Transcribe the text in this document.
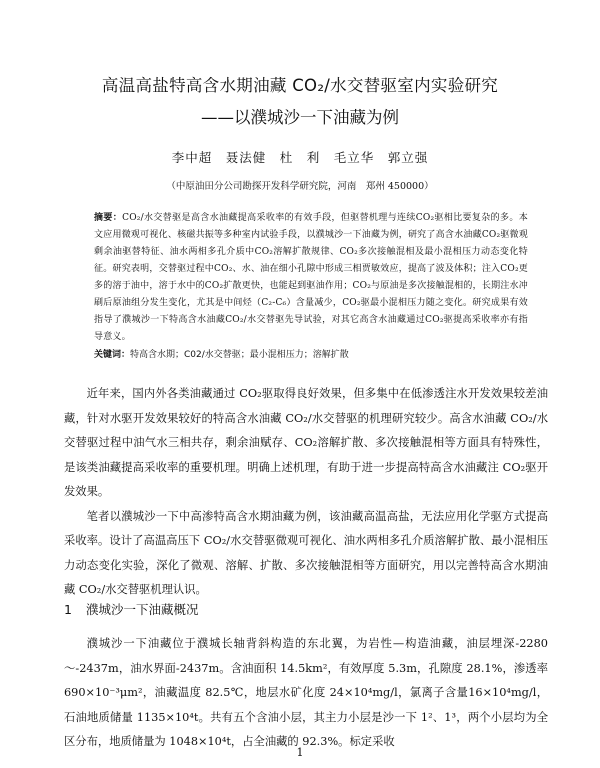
高温高盐特高含水期油藏 CO₂/水交替驱室内实验研究
——以濮城沙一下油藏为例
李中超　聂法健　杜　利　毛立华　郭立强
（中原油田分公司勘探开发科学研究院，河南　郑州 450000）
摘要：CO₂/水交替驱是高含水油藏提高采收率的有效手段，但驱替机理与连续CO₂驱相比要复杂的多。本文应用微观可视化、核磁共振等多种室内试验手段，以濮城沙一下油藏为例，研究了高含水油藏CO₂驱微观剩余油驱替特征、油水两相多孔介质中CO₂溶解扩散规律、CO₂多次接触混相及最小混相压力动态变化特征。研究表明，交替驱过程中CO₂、水、油在细小孔隙中形成三相贾敏效应，提高了波及体积；注入CO₂更多的溶于油中，溶于水中的CO₂扩散更快，也能起到驱油作用；CO₂与原油是多次接触混相的，长期注水冲刷后原油组分发生变化，尤其是中间烃（C₂-C₆）含量减少，CO₂驱最小混相压力随之变化。研究成果有效指导了濮城沙一下特高含水油藏CO₂/水交替驱先导试验，对其它高含水油藏通过CO₂驱提高采收率亦有指导意义。
关键词：特高含水期；C02/水交替驱；最小混相压力；溶解扩散

近年来，国内外各类油藏通过 CO₂驱取得良好效果，但多集中在低渗透注水开发效果较差油藏，针对水驱开发效果较好的特高含水油藏 CO₂/水交替驱的机理研究较少。高含水油藏 CO₂/水交替驱过程中油气水三相共存，剩余油赋存、CO₂溶解扩散、多次接触混相等方面具有特殊性，是该类油藏提高采收率的重要机理。明确上述机理，有助于进一步提高特高含水油藏注 CO₂驱开发效果。

笔者以濮城沙一下中高渗特高含水期油藏为例，该油藏高温高盐，无法应用化学驱方式提高采收率。设计了高温高压下 CO₂/水交替驱微观可视化、油水两相多孔介质溶解扩散、最小混相压力动态变化实验，深化了微观、溶解、扩散、多次接触混相等方面研究，用以完善特高含水期油藏 CO₂/水交替驱机理认识。

1 濮城沙一下油藏概况

濮城沙一下油藏位于濮城长轴背斜构造的东北翼，为岩性—构造油藏，油层埋深-2280～-2437m，油水界面-2437m。含油面积 14.5km²，有效厚度 5.3m，孔隙度 28.1%，渗透率 690×10⁻³μm²，油藏温度 82.5℃，地层水矿化度 24×10⁴mg/l，氯离子含量16×10⁴mg/l，石油地质储量 1135×10⁴t。共有五个含油小层，其主力小层是沙一下 1²、1³，两个小层均为全区分布，地质储量为 1048×10⁴t，占全油藏的 92.3%。标定采收

1
